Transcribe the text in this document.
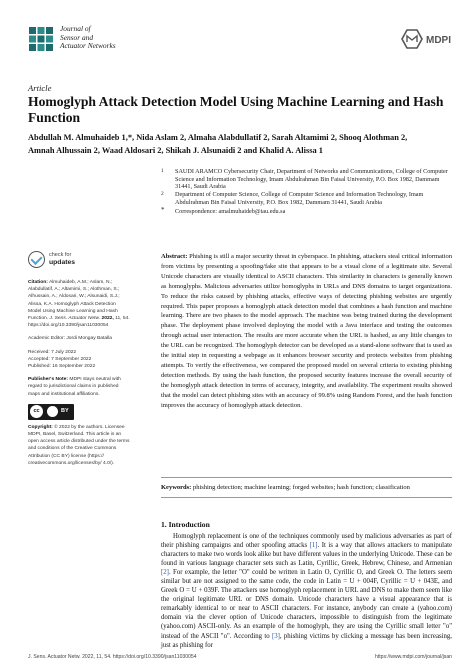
Journal of
Sensor and
Actuator Networks	MDPI
Article
Homoglyph Attack Detection Model Using Machine Learning and Hash Function
Abdullah M. Almuhaideb 1,*, Nida Aslam 2, Almaha Alabdullatif 2, Sarah Altamimi 2, Shooq Alothman 2,
Amnah Alhussain 2, Waad Aldosari 2, Shikah J. Alsunaidi 2 and Khalid A. Alissa 1
1 SAUDI ARAMCO Cybersecurity Chair, Department of Networks and Communications, College of Computer Science and Information Technology, Imam Abdulrahman Bin Faisal University, P.O. Box 1982, Dammam 31441, Saudi Arabia
2 Department of Computer Science, College of Computer Science and Information Technology, Imam Abdulrahman Bin Faisal University, P.O. Box 1982, Dammam 31441, Saudi Arabia
* Correspondence: amalmuhaideb@iau.edu.sa
check for
updates
Citation: Almuhaideb, A.M.; Aslam, N.; Alabdullatif, A.; Altamimi, S.; Alothman, S.; Alhussain, A.; Aldosari, W.; Alsunaidi, S.J.; Alissa, K.A. Homoglyph Attack Detection Model Using Machine Learning and Hash Function. J. Sens. Actuator Netw. 2022, 11, 54. https://doi.org/10.3390/jsan11030054
Academic Editor: Jordi Mongay Batalla
Received: 7 July 2022
Accepted: 7 September 2022
Published: 16 September 2022
Publisher's Note: MDPI stays neutral with regard to jurisdictional claims in published maps and institutional affiliations.
cc	BY
Copyright: © 2022 by the authors. Licensee MDPI, Basel, Switzerland. This article is an open access article distributed under the terms and conditions of the Creative Commons Attribution (CC BY) license (https:// creativecommons.org/licenses/by/ 4.0/).
Abstract: Phishing is still a major security threat in cyberspace. In phishing, attackers steal critical information from victims by presenting a spoofing/fake site that appears to be a visual clone of a legitimate site. Several Unicode characters are visually identical to ASCII characters. This similarity in characters is generally known as homoglyphs. Malicious adversaries utilize homoglyphs in URLs and DNS domains to target organizations. To reduce the risks caused by phishing attacks, effective ways of detecting phishing websites are urgently required. This paper proposes a homoglyph attack detection model that combines a hash function and machine learning. There are two phases to the model approach. The machine was being trained during the development phase. The deployment phase involved deploying the model with a Java interface and testing the outcomes through actual user interaction. The results are more accurate when the URL is hashed, as any little changes to the URL can be recognized. The homoglyph detector can be developed as a stand-alone software that is used as the initial step in requesting a webpage as it enhances browser security and protects websites from phishing attempts. To verify the effectiveness, we compared the proposed model on several criteria to existing phishing detection methods. By using the hash function, the proposed security features increase the overall security of the homoglyph attack detection in terms of accuracy, integrity, and availability. The experiment results showed that the model can detect phishing sites with an accuracy of 99.8% using Random Forest, and the hash function improves the accuracy of homoglyph attack detection.
Keywords: phishing detection; machine learning; forged websites; hash function; classification
1. Introduction
Homoglyph replacement is one of the techniques commonly used by malicious adversaries as part of their phishing campaigns and other spoofing attacks [1]. It is a way that allows attackers to manipulate characters to make two words look alike but have different values in the underlying Unicode. These can be found in various language character sets such as Latin, Cyrillic, Greek, Hebrew, Chinese, and Armenian [2]. For example, the letter "O" could be written in Latin O, Cyrillic O, and Greek O. The letters seem similar but are not assigned to the same code, the code in Latin = U + 004F, Cyrillic = U + 043E, and Greek O = U + 039F. The attackers use homoglyph replacement in URL and DNS to make them seem like the original legitimate URL or DNS domain. Unicode characters have a visual appearance that is remarkably identical to or near to ASCII characters. For instance, anybody can create a (yahoo.com) domain via the clever option of Unicode characters, impossible to distinguish from the legitimate (yahoo.com) ASCII-only. As an example of the homoglyph, they are using the Cyrillic small letter "o" instead of the ASCII "o". According to [3], phishing victims by clicking a message has been increasing, just as phishing for
J. Sens. Actuator Netw. 2022, 11, 54. https://doi.org/10.3390/jsan11030054	https://www.mdpi.com/journal/jsan
